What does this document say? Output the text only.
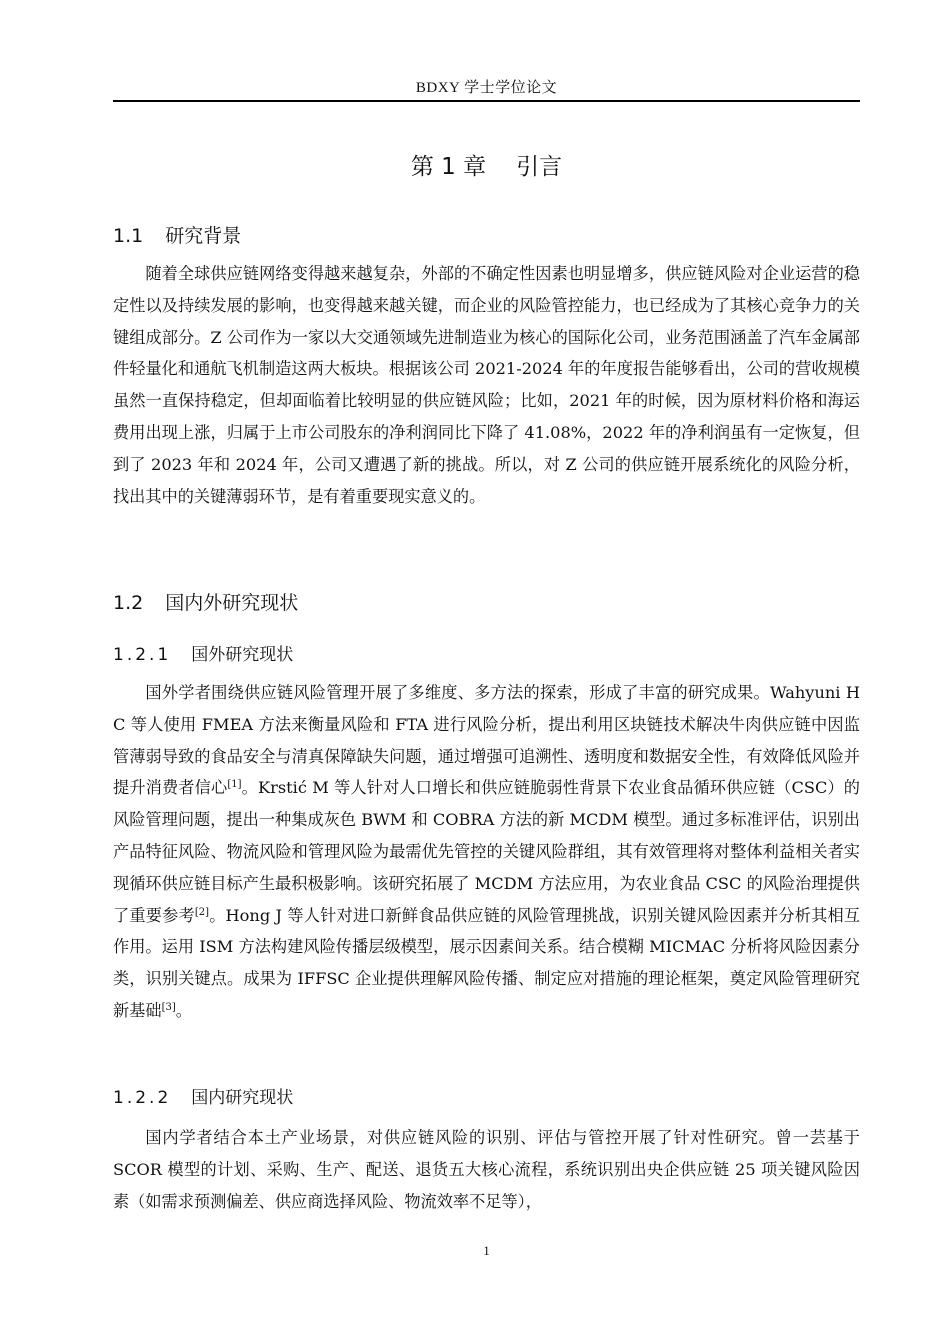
BDXY 学士学位论文
第 1 章 引言
1.1 研究背景

随着全球供应链网络变得越来越复杂，外部的不确定性因素也明显增多，供应链风险对企业运营的稳定性以及持续发展的影响，也变得越来越关键，而企业的风险管控能力，也已经成为了其核心竞争力的关键组成部分。Z 公司作为一家以大交通领域先进制造业为核心的国际化公司，业务范围涵盖了汽车金属部件轻量化和通航飞机制造这两大板块。根据该公司 2021-2024 年的年度报告能够看出，公司的营收规模虽然一直保持稳定，但却面临着比较明显的供应链风险；比如，2021 年的时候，因为原材料价格和海运费用出现上涨，归属于上市公司股东的净利润同比下降了 41.08%，2022 年的净利润虽有一定恢复，但到了 2023 年和 2024 年，公司又遭遇了新的挑战。所以，对 Z 公司的供应链开展系统化的风险分析，找出其中的关键薄弱环节，是有着重要现实意义的。

1.2 国内外研究现状
1.2.1 国外研究现状

国外学者围绕供应链风险管理开展了多维度、多方法的探索，形成了丰富的研究成果。Wahyuni H C 等人使用 FMEA 方法来衡量风险和 FTA 进行风险分析，提出利用区块链技术解决牛肉供应链中因监管薄弱导致的食品安全与清真保障缺失问题，通过增强可追溯性、透明度和数据安全性，有效降低风险并提升消费者信心[1]。Krstić M 等人针对人口增长和供应链脆弱性背景下农业食品循环供应链（CSC）的风险管理问题，提出一种集成灰色 BWM 和 COBRA 方法的新 MCDM 模型。通过多标准评估，识别出产品特征风险、物流风险和管理风险为最需优先管控的关键风险群组，其有效管理将对整体利益相关者实现循环供应链目标产生最积极影响。该研究拓展了 MCDM 方法应用，为农业食品 CSC 的风险治理提供了重要参考[2]。Hong J 等人针对进口新鲜食品供应链的风险管理挑战，识别关键风险因素并分析其相互作用。运用 ISM 方法构建风险传播层级模型，展示因素间关系。结合模糊 MICMAC 分析将风险因素分类，识别关键点。成果为 IFFSC 企业提供理解风险传播、制定应对措施的理论框架，奠定风险管理研究新基础[3]。

1.2.2 国内研究现状

国内学者结合本土产业场景，对供应链风险的识别、评估与管控开展了针对性研究。曾一芸基于 SCOR 模型的计划、采购、生产、配送、退货五大核心流程，系统识别出央企供应链 25 项关键风险因素（如需求预测偏差、供应商选择风险、物流效率不足等），

1
